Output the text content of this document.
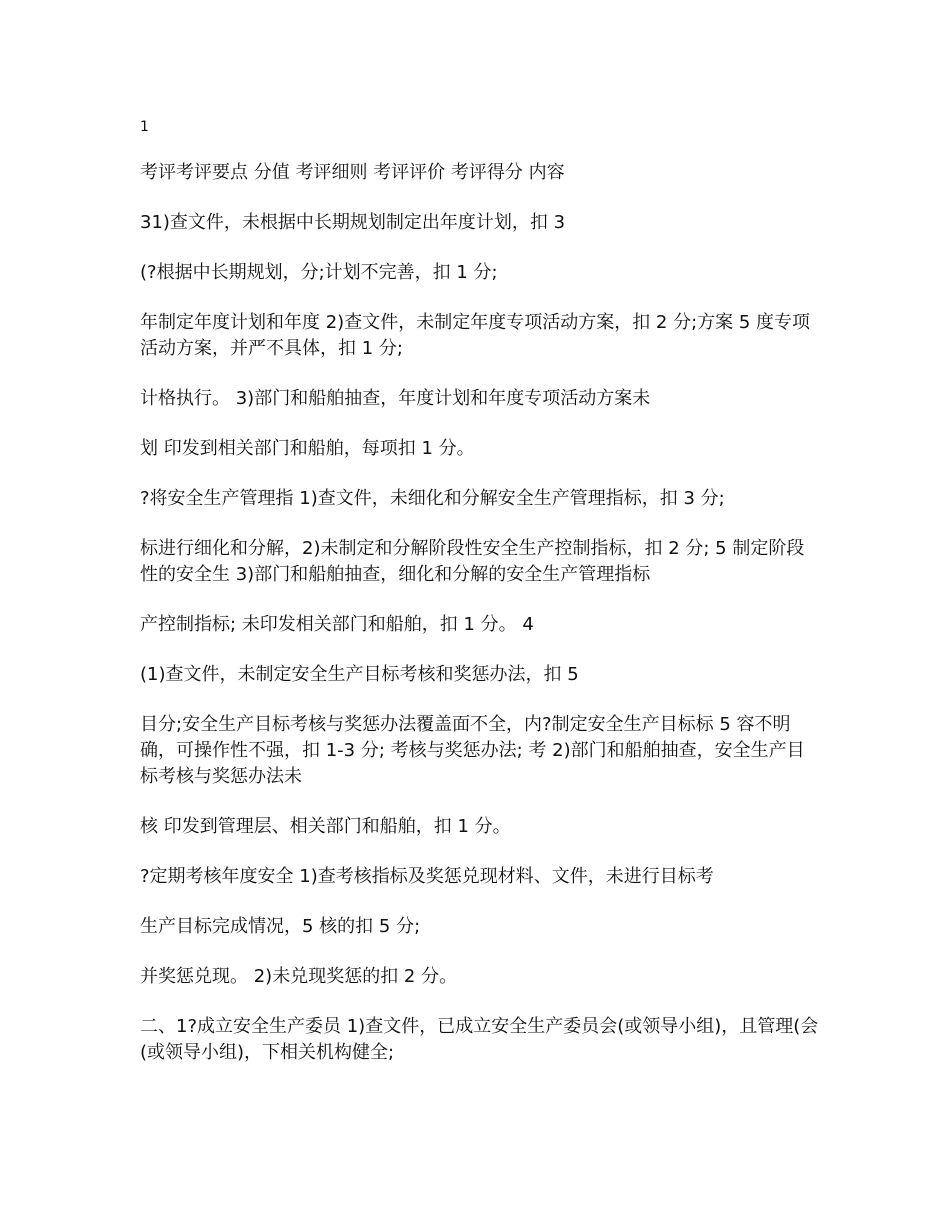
1

考评考评要点 分值 考评细则 考评评价 考评得分 内容

31)查文件，未根据中长期规划制定出年度计划，扣 3

(?根据中长期规划，分;计划不完善，扣 1 分;

年制定年度计划和年度 2)查文件，未制定年度专项活动方案，扣 2 分;方案 5 度专项活动方案，并严不具体，扣 1 分;

计格执行。 3)部门和船舶抽查，年度计划和年度专项活动方案未

划 印发到相关部门和船舶，每项扣 1 分。

?将安全生产管理指 1)查文件，未细化和分解安全生产管理指标，扣 3 分;

标进行细化和分解，2)未制定和分解阶段性安全生产控制指标，扣 2 分; 5 制定阶段性的安全生 3)部门和船舶抽查，细化和分解的安全生产管理指标

产控制指标; 未印发相关部门和船舶，扣 1 分。 4

(1)查文件，未制定安全生产目标考核和奖惩办法，扣 5

目分;安全生产目标考核与奖惩办法覆盖面不全，内?制定安全生产目标标 5 容不明确，可操作性不强，扣 1-3 分; 考核与奖惩办法; 考 2)部门和船舶抽查，安全生产目标考核与奖惩办法未

核 印发到管理层、相关部门和船舶，扣 1 分。

?定期考核年度安全 1)查考核指标及奖惩兑现材料、文件，未进行目标考

生产目标完成情况，5 核的扣 5 分;

并奖惩兑现。 2)未兑现奖惩的扣 2 分。

二、1?成立安全生产委员 1)查文件，已成立安全生产委员会(或领导小组)，且管理(会(或领导小组)，下相关机构健全;
